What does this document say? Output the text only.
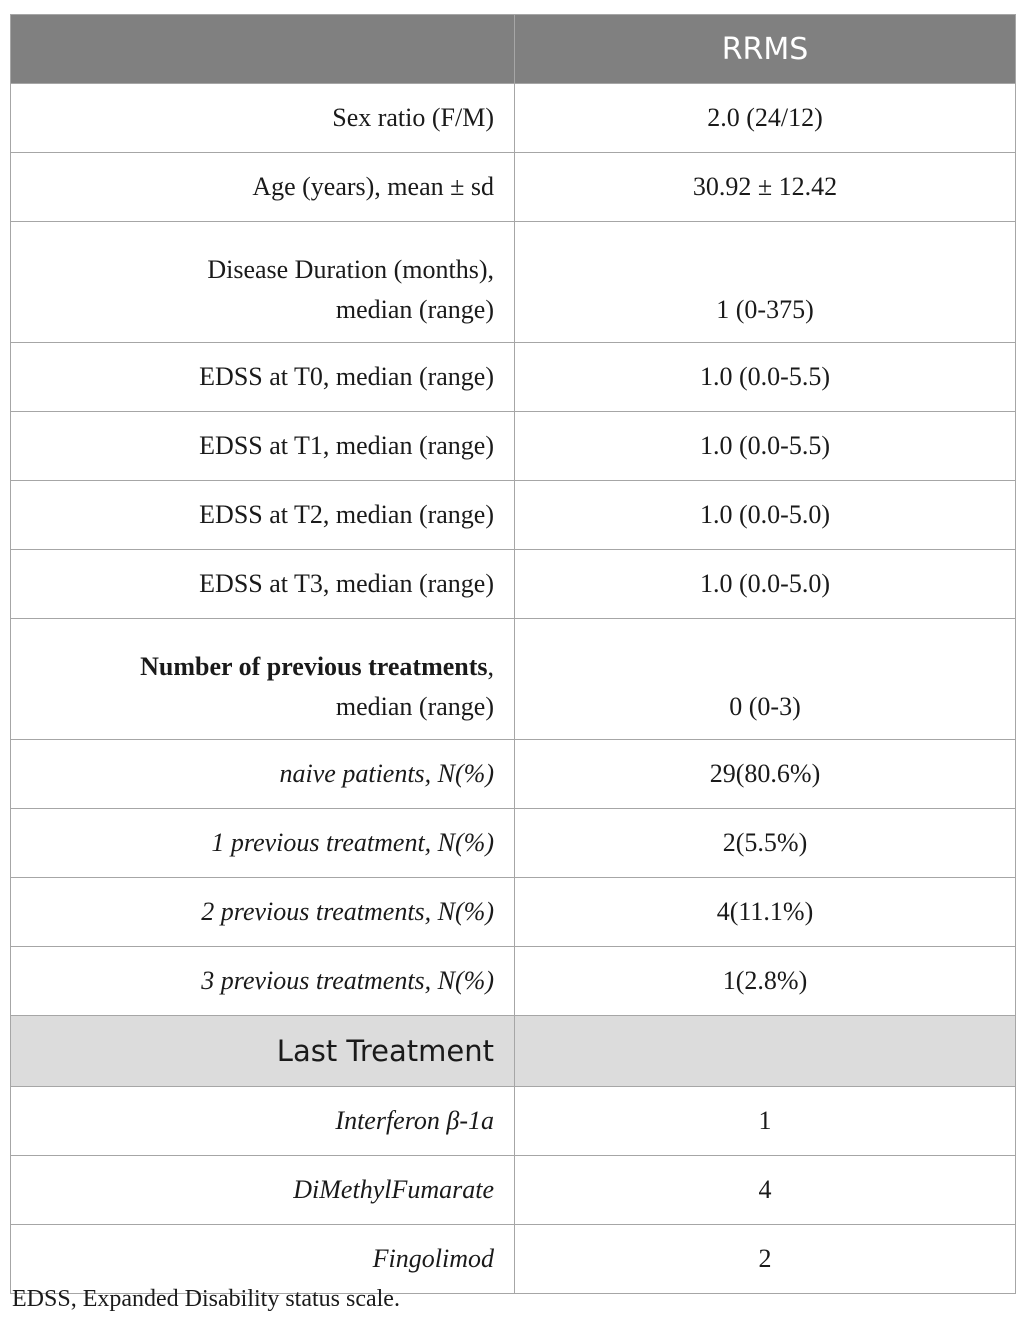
	RRMS
Sex ratio (F/M)	2.0 (24/12)
Age (years), mean ± sd	30.92 ± 12.42
Disease Duration (months),
median (range)	1 (0-375)
EDSS at T0, median (range)	1.0 (0.0-5.5)
EDSS at T1, median (range)	1.0 (0.0-5.5)
EDSS at T2, median (range)	1.0 (0.0-5.0)
EDSS at T3, median (range)	1.0 (0.0-5.0)
Number of previous treatments,
median (range)	0 (0-3)
naive patients, N(%)	29(80.6%)
1 previous treatment, N(%)	2(5.5%)
2 previous treatments, N(%)	4(11.1%)
3 previous treatments, N(%)	1(2.8%)
Last Treatment	
Interferon β-1a	1
DiMethylFumarate	4
Fingolimod	2
EDSS, Expanded Disability status scale.
